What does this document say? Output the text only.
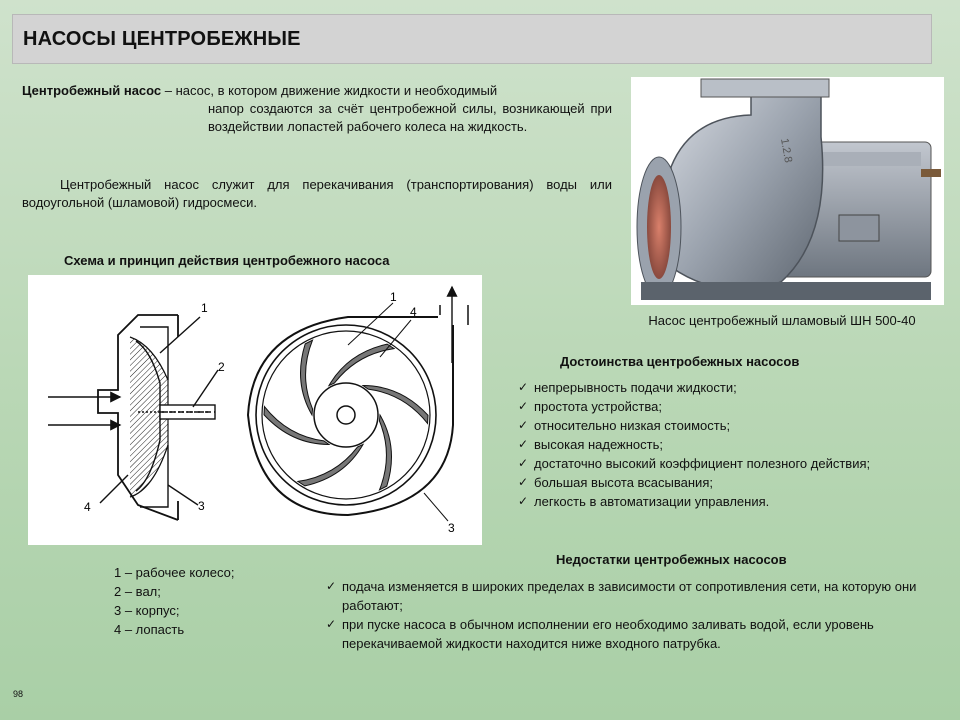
НАСОСЫ ЦЕНТРОБЕЖНЫЕ
Центробежный насос – насос, в котором движение жидкости и необходимый
напор создаются за счёт центробежной силы, возникающей при воздействии лопастей рабочего колеса на жидкость.

Центробежный насос служит для перекачивания (транспортирования) воды или водоугольной (шламовой) гидросмеси.

Схема и принцип действия центробежного насоса
1
2
4	3
1
4
3
1.2.8
Насос центробежный шламовый ШН 500-40
1 – рабочее колесо;
2 – вал;
3 – корпус;
4 – лопасть
Достоинства центробежных насосов
✓ непрерывность подачи жидкости;
✓ простота устройства;
✓ относительно низкая стоимость;
✓ высокая надежность;
✓ достаточно высокий коэффициент полезного действия;
✓ большая высота всасывания;
✓ легкость в автоматизации управления.
Недостатки центробежных насосов
✓ подача изменяется в широких пределах в зависимости от сопротивления сети, на которую они работают;
✓ при пуске насоса в обычном исполнении его необходимо заливать водой, если уровень перекачиваемой жидкости находится ниже входного патрубка.
98
